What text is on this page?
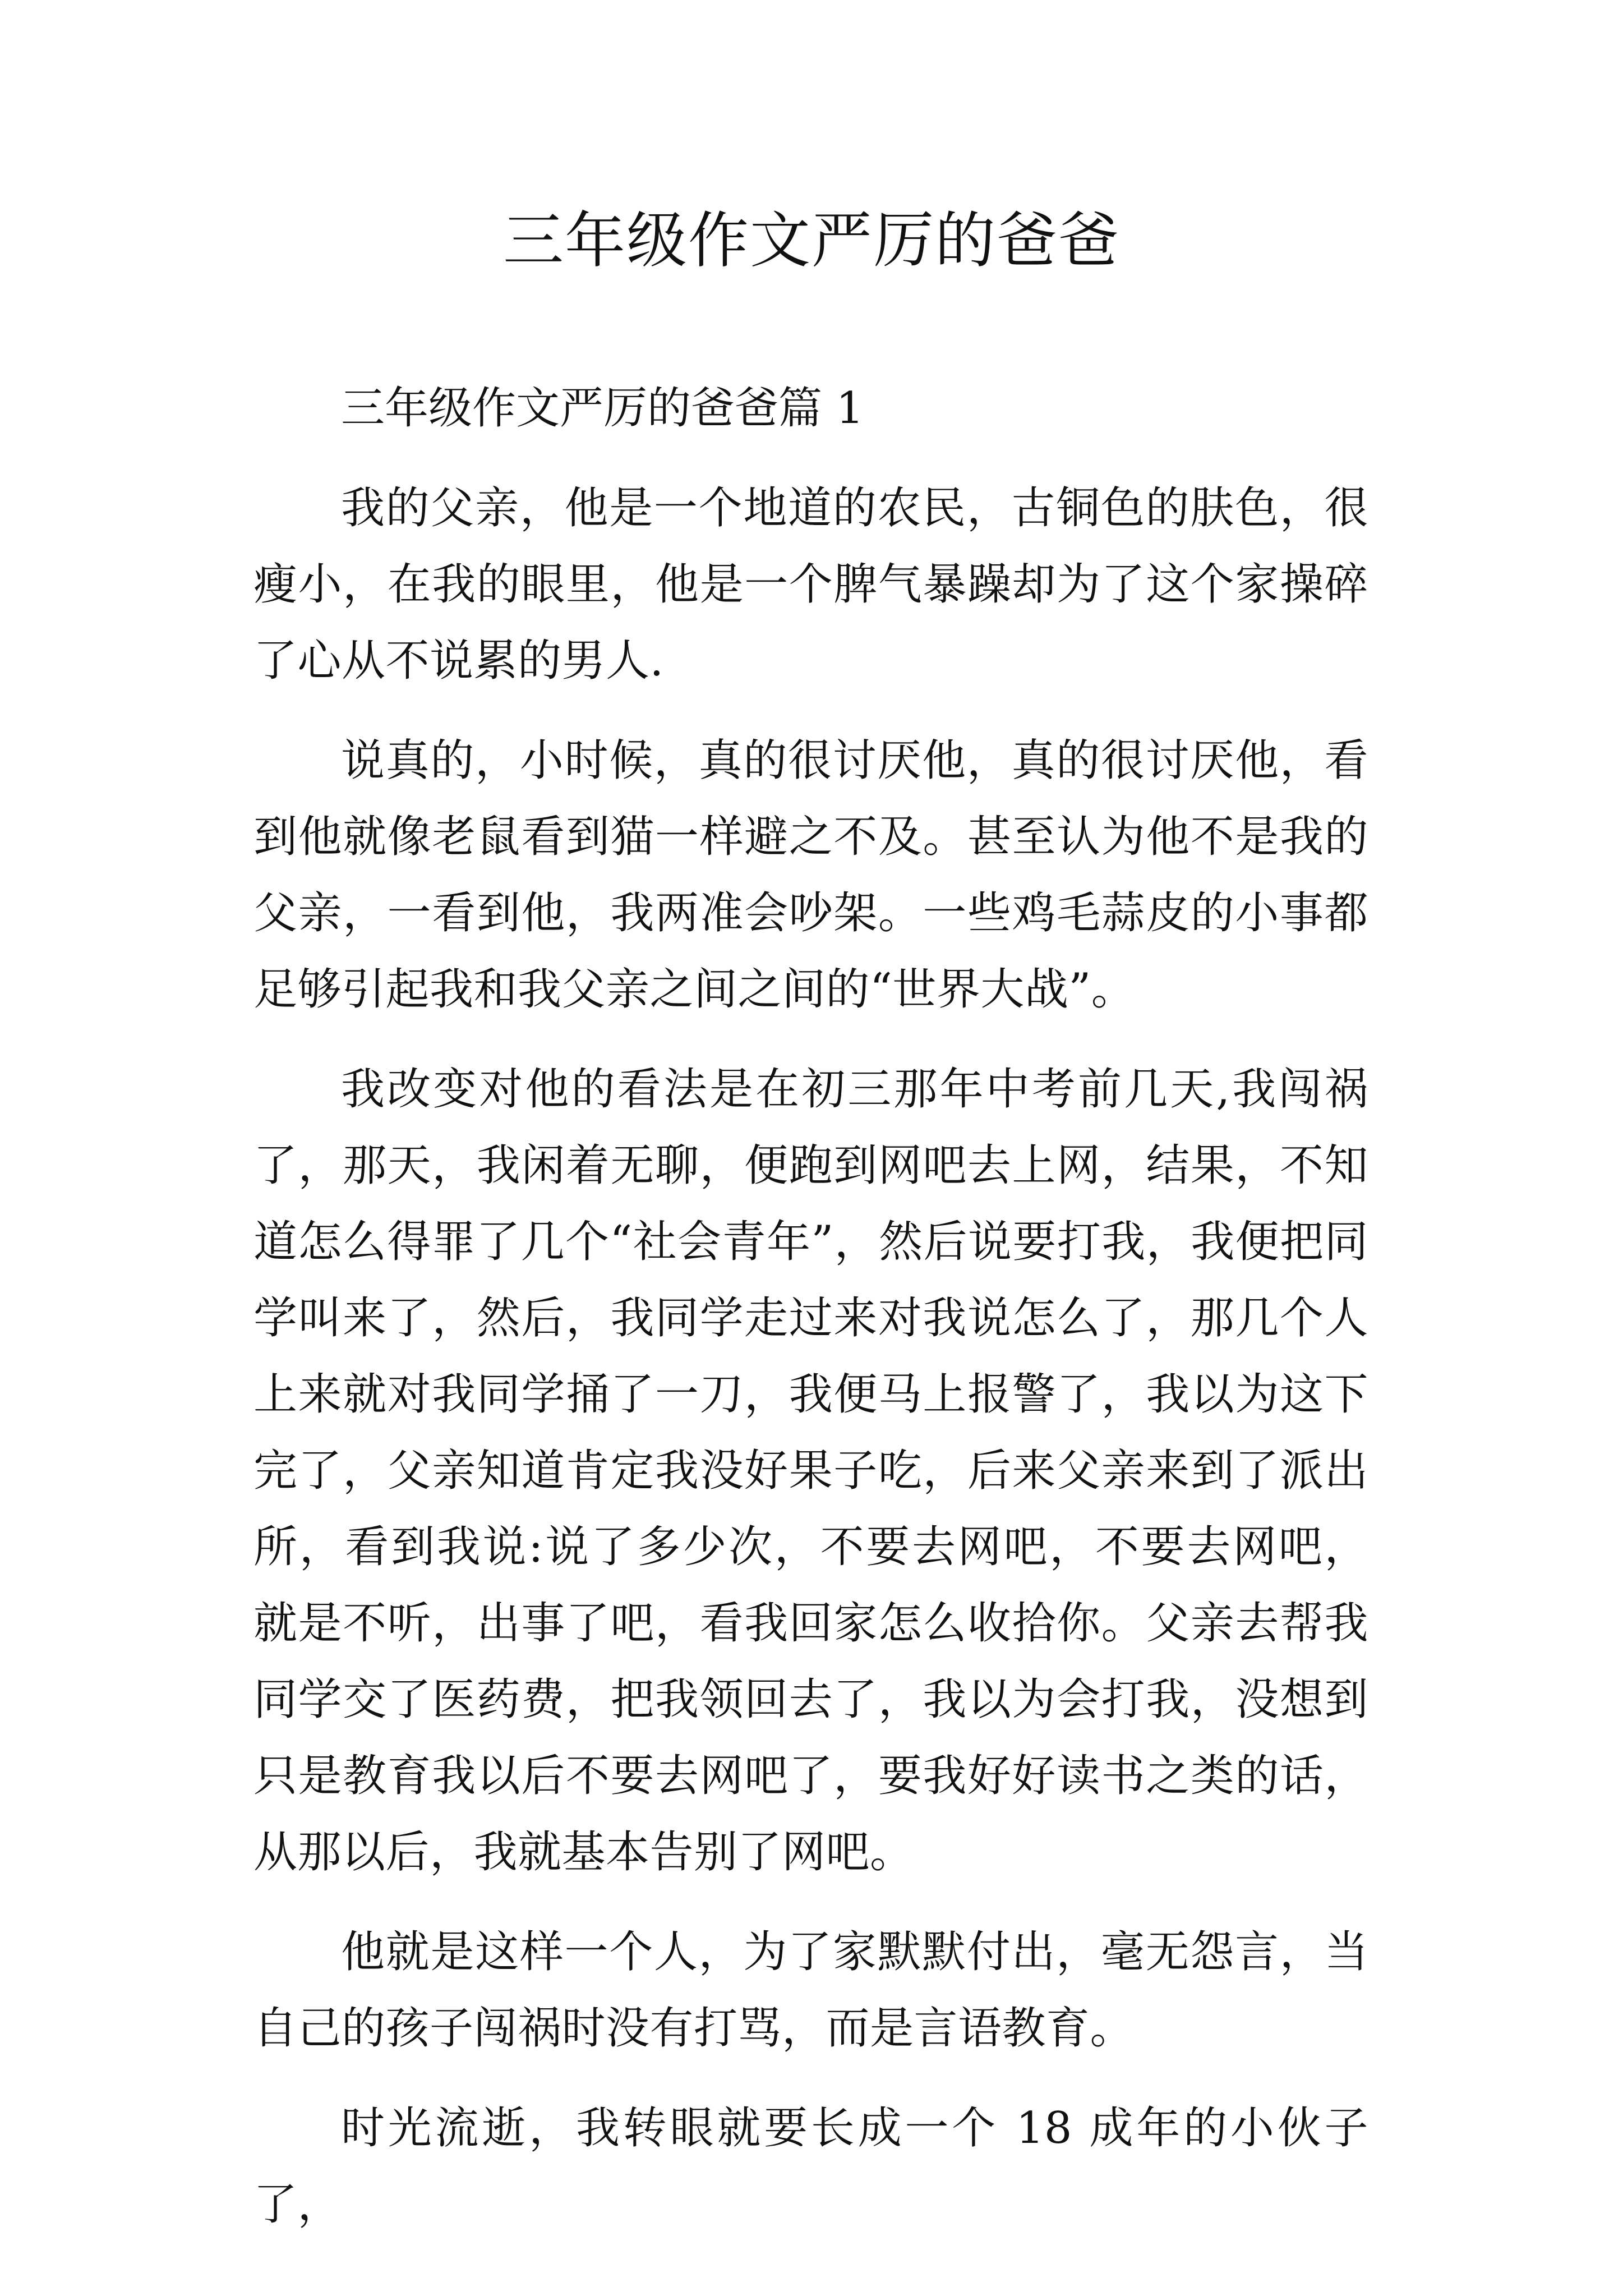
三年级作文严厉的爸爸

三年级作文严厉的爸爸篇 1

我的父亲，他是一个地道的农民，古铜色的肤色，很瘦小，在我的眼里，他是一个脾气暴躁却为了这个家操碎了心从不说累的男人.

说真的，小时候，真的很讨厌他，真的很讨厌他，看到他就像老鼠看到猫一样避之不及。甚至认为他不是我的父亲，一看到他，我两准会吵架。一些鸡毛蒜皮的小事都足够引起我和我父亲之间之间的“世界大战”。

我改变对他的看法是在初三那年中考前几天,我闯祸了，那天，我闲着无聊，便跑到网吧去上网，结果，不知道怎么得罪了几个“社会青年”，然后说要打我，我便把同学叫来了，然后，我同学走过来对我说怎么了，那几个人上来就对我同学捅了一刀，我便马上报警了，我以为这下完了，父亲知道肯定我没好果子吃，后来父亲来到了派出所，看到我说:说了多少次，不要去网吧，不要去网吧，就是不听，出事了吧，看我回家怎么收拾你。父亲去帮我同学交了医药费，把我领回去了，我以为会打我，没想到只是教育我以后不要去网吧了，要我好好读书之类的话，从那以后，我就基本告别了网吧。

他就是这样一个人，为了家默默付出，毫无怨言，当自己的孩子闯祸时没有打骂，而是言语教育。

时光流逝，我转眼就要长成一个 18 成年的小伙子了，
